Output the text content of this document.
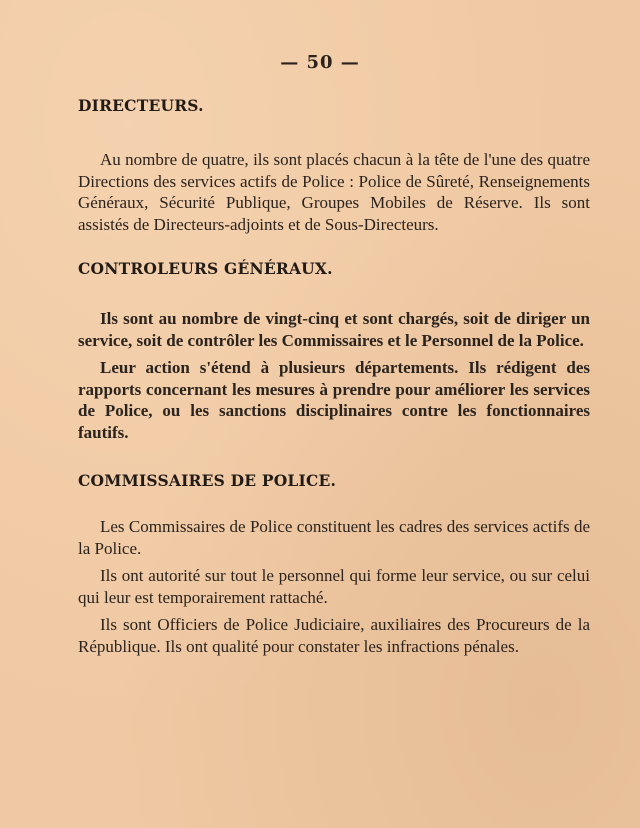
— 50 —
DIRECTEURS.

Au nombre de quatre, ils sont placés chacun à la tête de l'une des quatre Directions des services actifs de Police : Police de Sûreté, Renseignements Généraux, Sécurité Publique, Groupes Mobiles de Réserve. Ils sont assistés de Directeurs-adjoints et de Sous-Directeurs.

CONTROLEURS GÉNÉRAUX.

Ils sont au nombre de vingt-cinq et sont chargés, soit de diriger un service, soit de contrôler les Commissaires et le Personnel de la Police.

Leur action s'étend à plusieurs départements. Ils rédigent des rapports concernant les mesures à prendre pour améliorer les services de Police, ou les sanctions disciplinaires contre les fonctionnaires fautifs.

COMMISSAIRES DE POLICE.

Les Commissaires de Police constituent les cadres des services actifs de la Police.

Ils ont autorité sur tout le personnel qui forme leur service, ou sur celui qui leur est temporairement rattaché.

Ils sont Officiers de Police Judiciaire, auxiliaires des Procureurs de la République. Ils ont qualité pour constater les infractions pénales.
